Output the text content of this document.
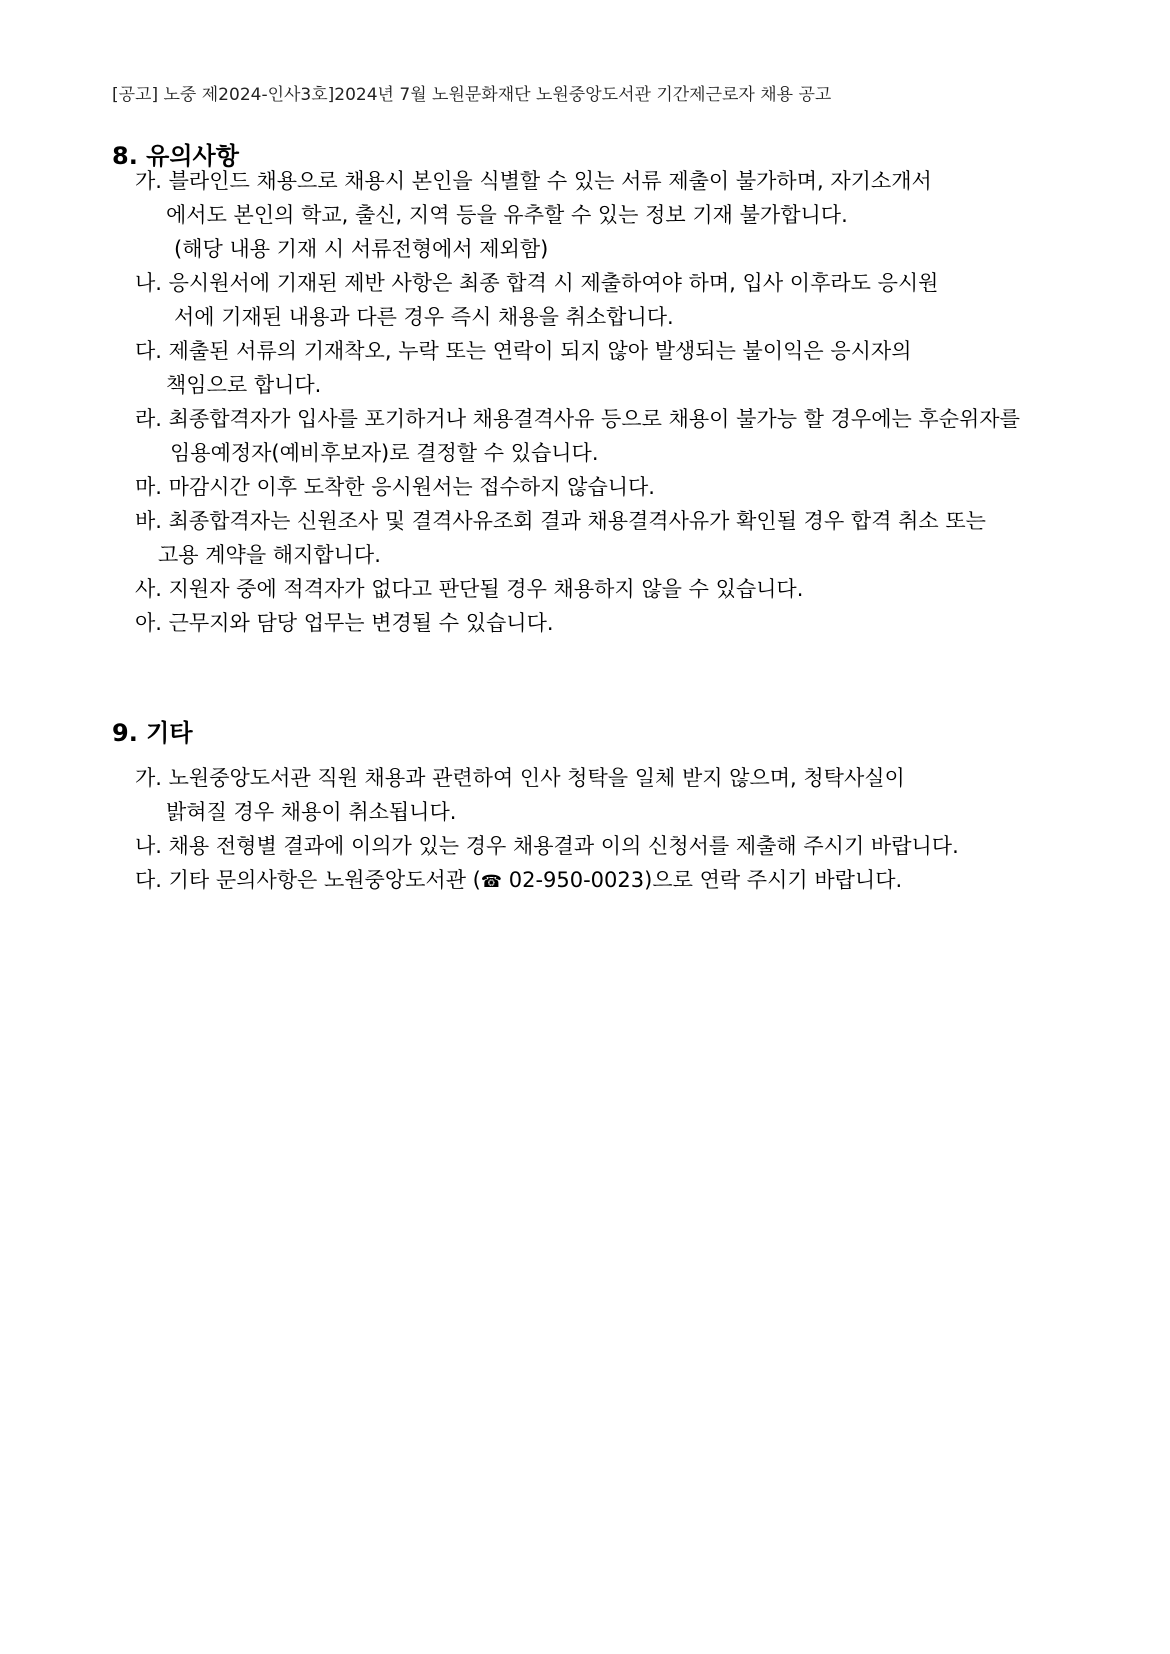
[공고] 노중 제2024-인사3호]2024년 7월 노원문화재단 노원중앙도서관 기간제근로자 채용 공고
8. 유의사항
가. 블라인드 채용으로 채용시 본인을 식별할 수 있는 서류 제출이 불가하며, 자기소개서
에서도 본인의 학교, 출신, 지역 등을 유추할 수 있는 정보 기재 불가합니다.
(해당 내용 기재 시 서류전형에서 제외함)
나. 응시원서에 기재된 제반 사항은 최종 합격 시 제출하여야 하며, 입사 이후라도 응시원
서에 기재된 내용과 다른 경우 즉시 채용을 취소합니다.
다. 제출된 서류의 기재착오, 누락 또는 연락이 되지 않아 발생되는 불이익은 응시자의
책임으로 합니다.
라. 최종합격자가 입사를 포기하거나 채용결격사유 등으로 채용이 불가능 할 경우에는 후순위자를
임용예정자(예비후보자)로 결정할 수 있습니다.
마. 마감시간 이후 도착한 응시원서는 접수하지 않습니다.
바. 최종합격자는 신원조사 및 결격사유조회 결과 채용결격사유가 확인될 경우 합격 취소 또는
고용 계약을 해지합니다.
사. 지원자 중에 적격자가 없다고 판단될 경우 채용하지 않을 수 있습니다.
아. 근무지와 담당 업무는 변경될 수 있습니다.
9. 기타
가. 노원중앙도서관 직원 채용과 관련하여 인사 청탁을 일체 받지 않으며, 청탁사실이
밝혀질 경우 채용이 취소됩니다.
나. 채용 전형별 결과에 이의가 있는 경우 채용결과 이의 신청서를 제출해 주시기 바랍니다.
다. 기타 문의사항은 노원중앙도서관 (☎ 02-950-0023)으로 연락 주시기 바랍니다.
